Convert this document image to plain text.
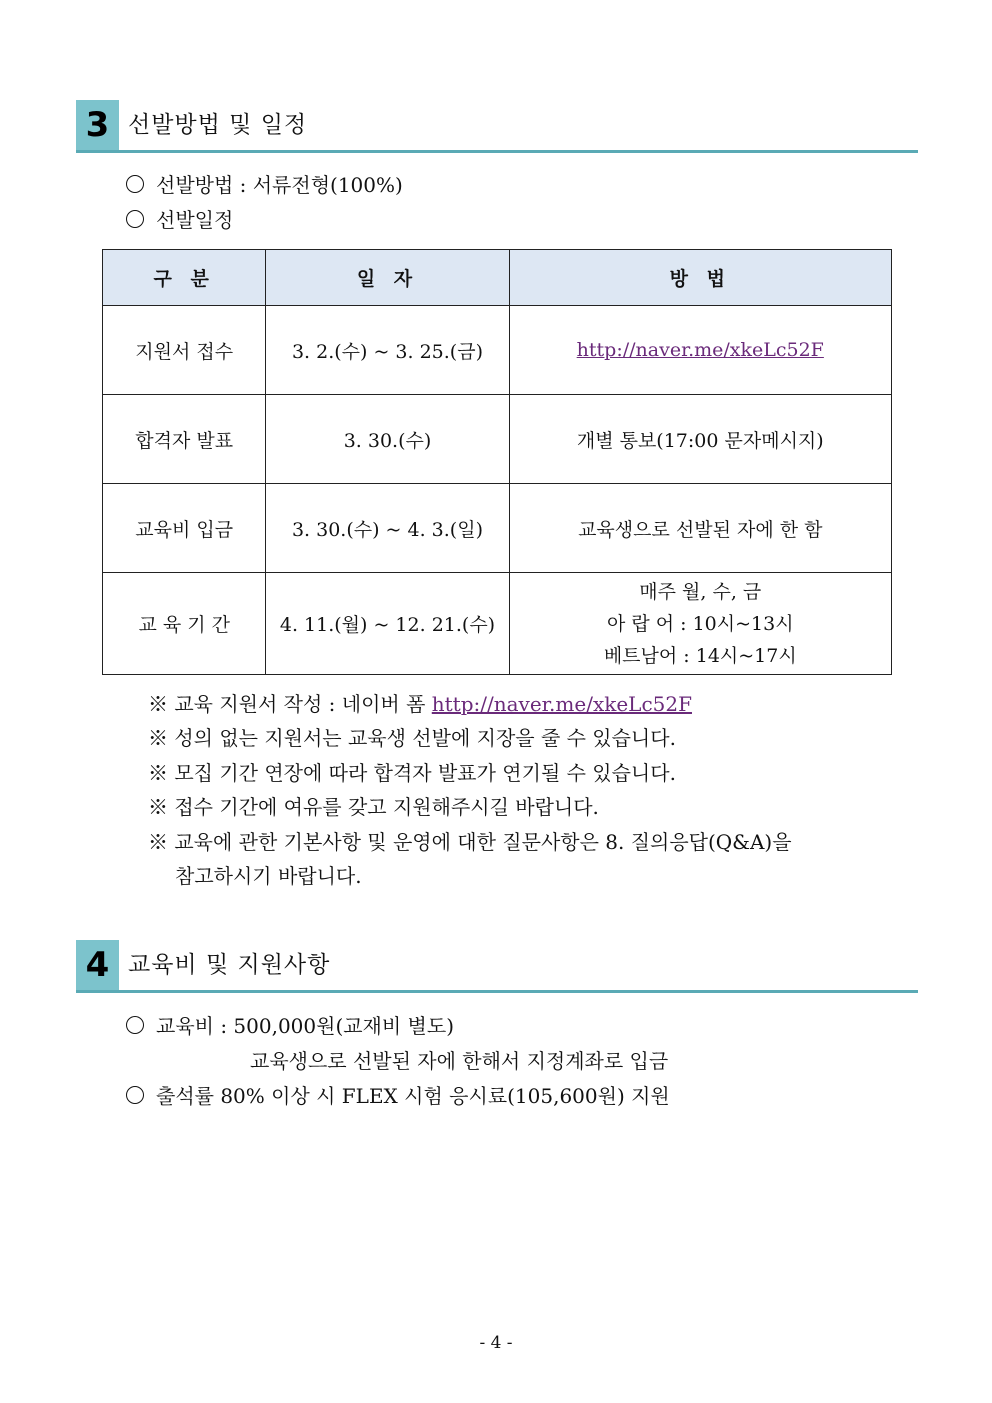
3 선발방법 및 일정
선발방법 : 서류전형(100%)
선발일정
구 분	일 자	방 법
지원서 접수	3. 2.(수) ~ 3. 25.(금)	http://naver.me/xkeLc52F
합격자 발표	3. 30.(수)	개별 통보(17:00 문자메시지)
교육비 입금	3. 30.(수) ~ 4. 3.(일)	교육생으로 선발된 자에 한 함
교 육 기 간	4. 11.(월) ~ 12. 21.(수)	매주 월, 수, 금
아 랍 어 : 10시~13시
베트남어 : 14시~17시
※ 교육 지원서 작성 : 네이버 폼 http://naver.me/xkeLc52F
※ 성의 없는 지원서는 교육생 선발에 지장을 줄 수 있습니다.
※ 모집 기간 연장에 따라 합격자 발표가 연기될 수 있습니다.
※ 접수 기간에 여유를 갖고 지원해주시길 바랍니다.
※ 교육에 관한 기본사항 및 운영에 대한 질문사항은 8. 질의응답(Q&A)을
참고하시기 바랍니다.
4 교육비 및 지원사항
교육비 : 500,000원(교재비 별도)
교육생으로 선발된 자에 한해서 지정계좌로 입금
출석률 80% 이상 시 FLEX 시험 응시료(105,600원) 지원
- 4 -
